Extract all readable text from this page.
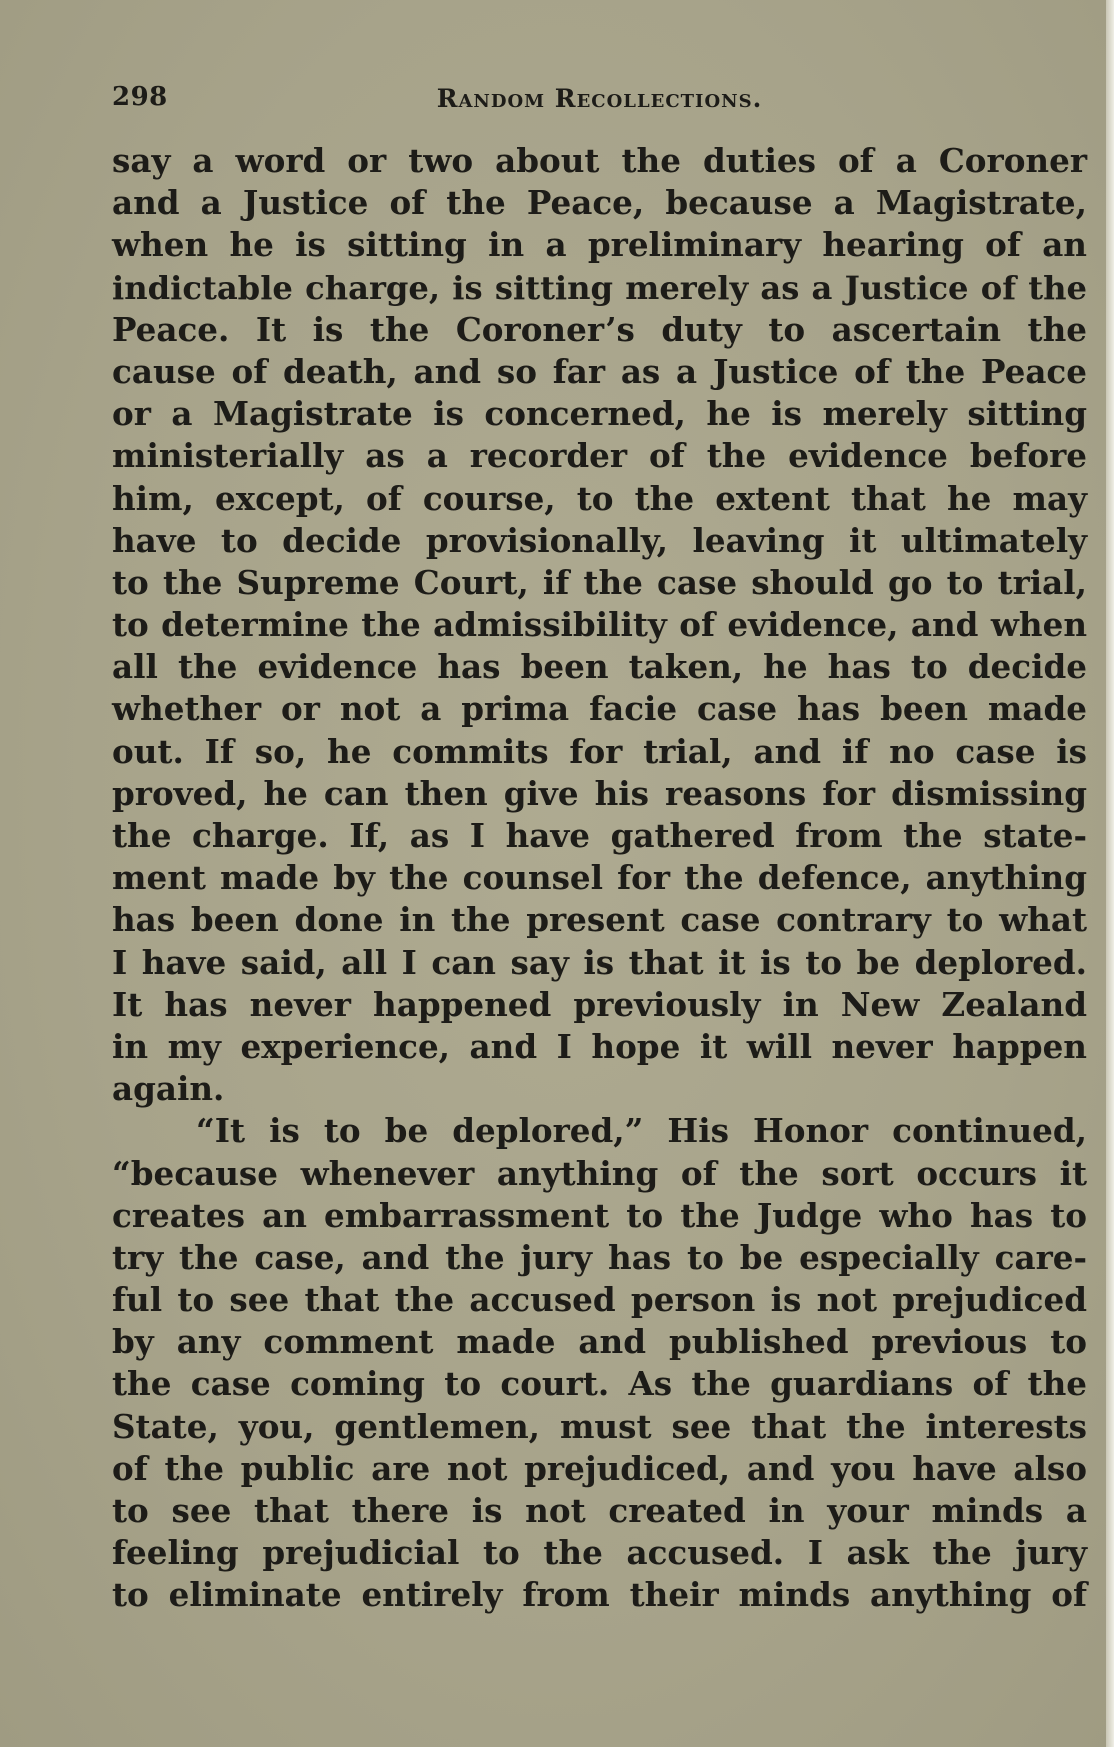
298	Random Recollections.
say a word or two about the duties of a Coroner
and a Justice of the Peace, because a Magistrate,
when he is sitting in a preliminary hearing of an
indictable charge, is sitting merely as a Justice of the
Peace. It is the Coroner’s duty to ascertain the
cause of death, and so far as a Justice of the Peace
or a Magistrate is concerned, he is merely sitting
ministerially as a recorder of the evidence before
him, except, of course, to the extent that he may
have to decide provisionally, leaving it ultimately
to the Supreme Court, if the case should go to trial,
to determine the admissibility of evidence, and when
all the evidence has been taken, he has to decide
whether or not a prima facie case has been made
out. If so, he commits for trial, and if no case is
proved, he can then give his reasons for dismissing
the charge. If, as I have gathered from the state-
ment made by the counsel for the defence, anything
has been done in the present case contrary to what
I have said, all I can say is that it is to be deplored.
It has never happened previously in New Zealand
in my experience, and I hope it will never happen
again.
“It is to be deplored,” His Honor continued,
“because whenever anything of the sort occurs it
creates an embarrassment to the Judge who has to
try the case, and the jury has to be especially care-
ful to see that the accused person is not prejudiced
by any comment made and published previous to
the case coming to court. As the guardians of the
State, you, gentlemen, must see that the interests
of the public are not prejudiced, and you have also
to see that there is not created in your minds a
feeling prejudicial to the accused. I ask the jury
to eliminate entirely from their minds anything of
